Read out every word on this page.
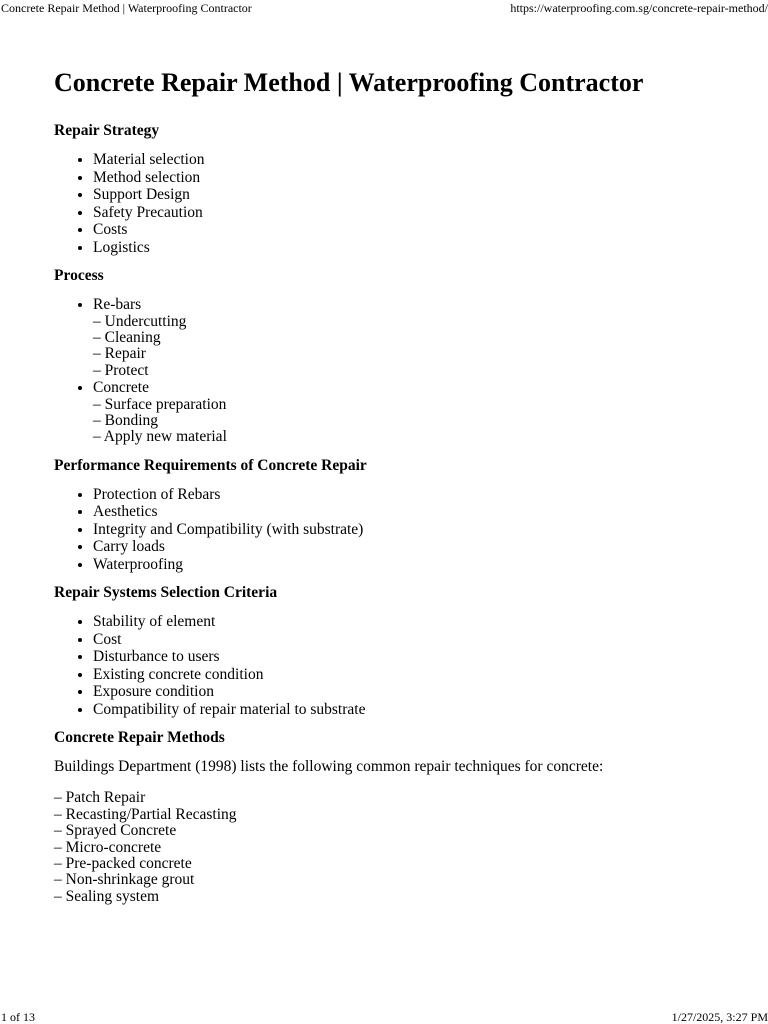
Concrete Repair Method | Waterproofing Contractor	https://waterproofing.com.sg/concrete-repair-method/
Concrete Repair Method | Waterproofing Contractor
Repair Strategy
• Material selection
• Method selection
• Support Design
• Safety Precaution
• Costs
• Logistics
Process
• Re-bars
– Undercutting
– Cleaning
– Repair
– Protect
• Concrete
– Surface preparation
– Bonding
– Apply new material
Performance Requirements of Concrete Repair
• Protection of Rebars
• Aesthetics
• Integrity and Compatibility (with substrate)
• Carry loads
• Waterproofing
Repair Systems Selection Criteria
• Stability of element
• Cost
• Disturbance to users
• Existing concrete condition
• Exposure condition
• Compatibility of repair material to substrate
Concrete Repair Methods

Buildings Department (1998) lists the following common repair techniques for concrete:

– Patch Repair
– Recasting/Partial Recasting
– Sprayed Concrete
– Micro-concrete
– Pre-packed concrete
– Non-shrinkage grout
– Sealing system
1 of 13	1/27/2025, 3:27 PM
